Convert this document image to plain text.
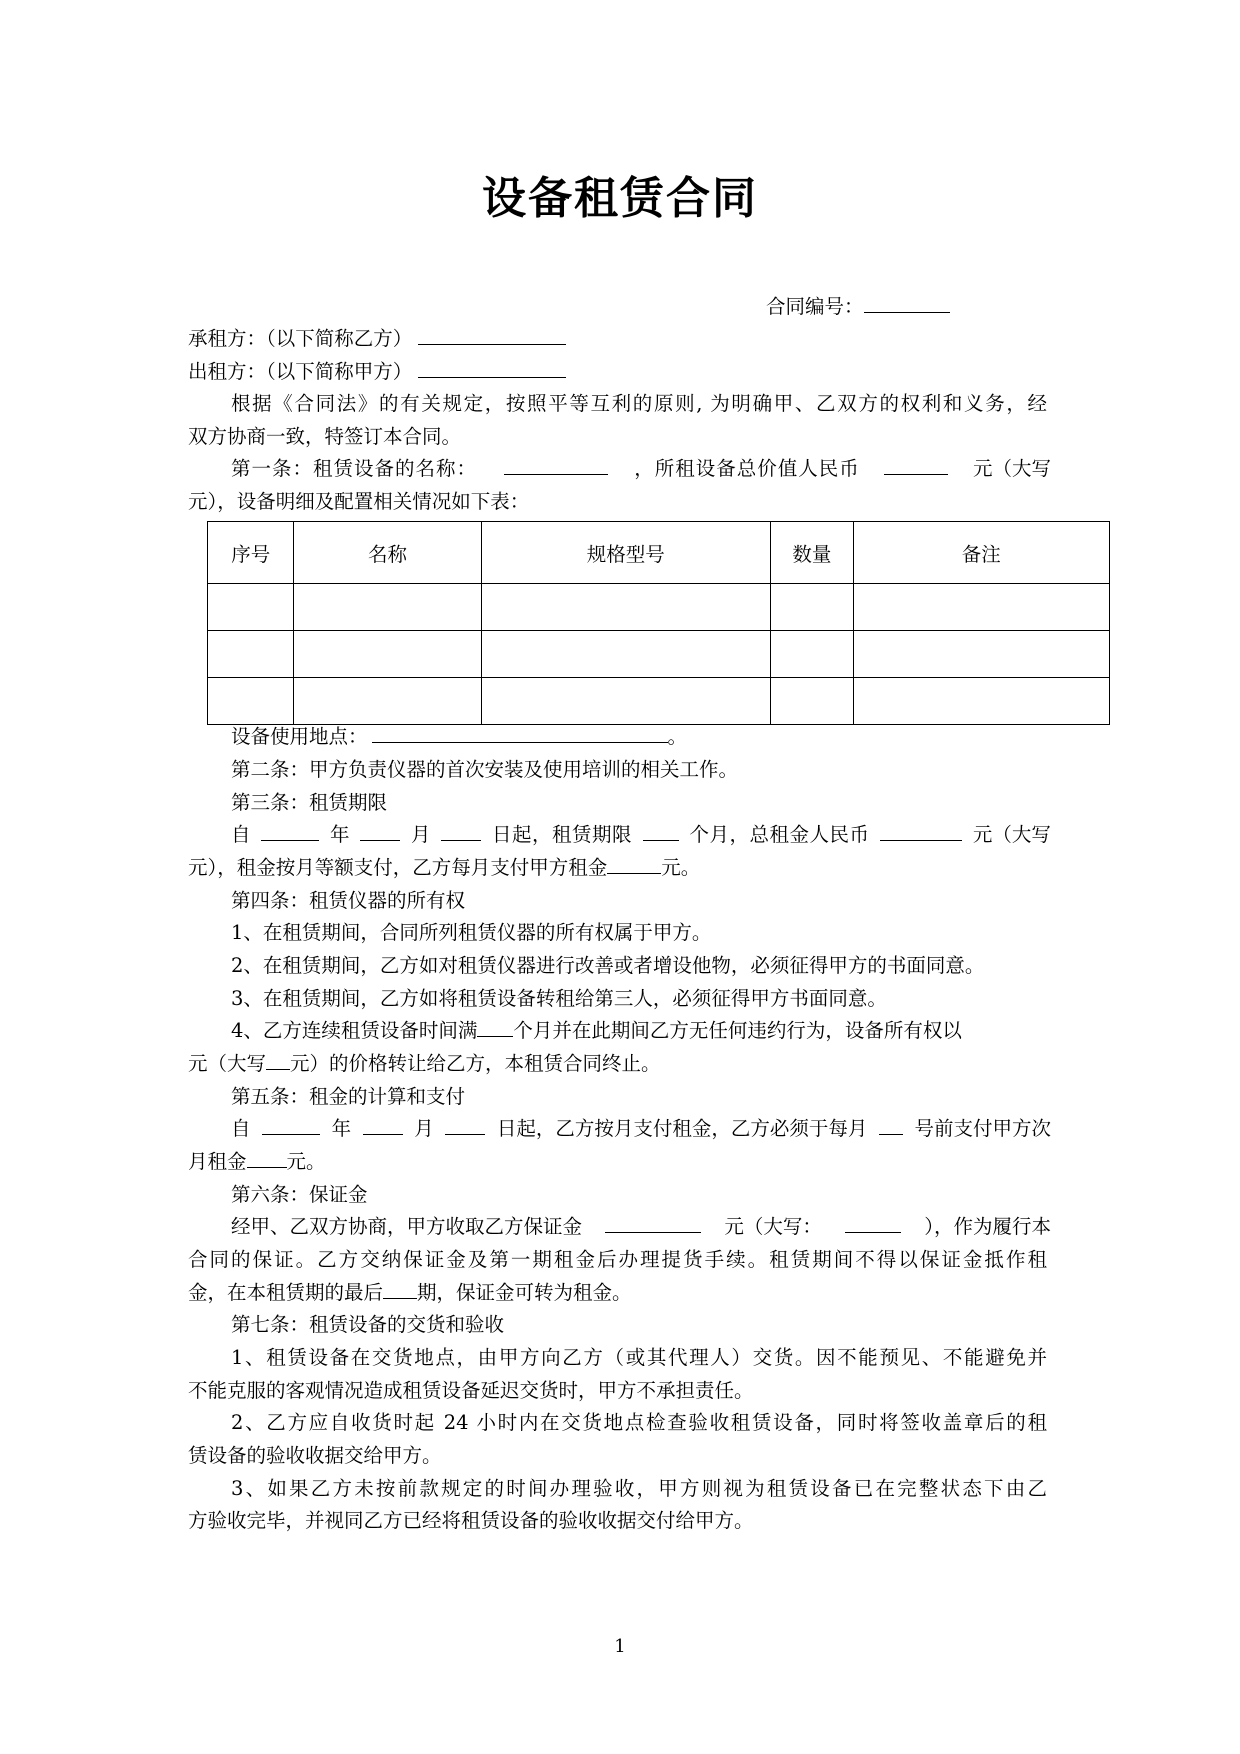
设备租赁合同
合同编号：
承租方：（以下简称乙方）
出租方：（以下简称甲方）
根据《合同法》的有关规定，按照平等互利的原则, 为明确甲、乙双方的权利和义务，经
双方协商一致，特签订本合同。
第一条：租赁设备的名称：	，所租设备总价值人民币	元（大写
元），设备明细及配置相关情况如下表：
序号	名称	规格型号	数量	备注

设备使用地点：	。
第二条：甲方负责仪器的首次安装及使用培训的相关工作。
第三条：租赁期限
自	年	月	日起，租赁期限	个月，总租金人民币	元（大写
元），租金按月等额支付，乙方每月支付甲方租金	元。
第四条：租赁仪器的所有权
1、在租赁期间，合同所列租赁仪器的所有权属于甲方。
2、在租赁期间，乙方如对租赁仪器进行改善或者增设他物，必须征得甲方的书面同意。
3、在租赁期间，乙方如将租赁设备转租给第三人，必须征得甲方书面同意。
4、乙方连续租赁设备时间满 个月并在此期间乙方无任何违约行为，设备所有权以
元（大写 元）的价格转让给乙方，本租赁合同终止。
第五条：租金的计算和支付
自	年	月	日起，乙方按月支付租金，乙方必须于每月 号前支付甲方次
月租金 元。
第六条：保证金
经甲、乙双方协商，甲方收取乙方保证金	元（大写：	），作为履行本
合同的保证。乙方交纳保证金及第一期租金后办理提货手续。租赁期间不得以保证金抵作租
金，在本租赁期的最后 期，保证金可转为租金。
第七条：租赁设备的交货和验收
1、租赁设备在交货地点，由甲方向乙方（或其代理人）交货。因不能预见、不能避免并
不能克服的客观情况造成租赁设备延迟交货时，甲方不承担责任。
2、乙方应自收货时起 24 小时内在交货地点检查验收租赁设备，同时将签收盖章后的租
赁设备的验收收据交给甲方。
3、如果乙方未按前款规定的时间办理验收，甲方则视为租赁设备已在完整状态下由乙
方验收完毕，并视同乙方已经将租赁设备的验收收据交付给甲方。
1
